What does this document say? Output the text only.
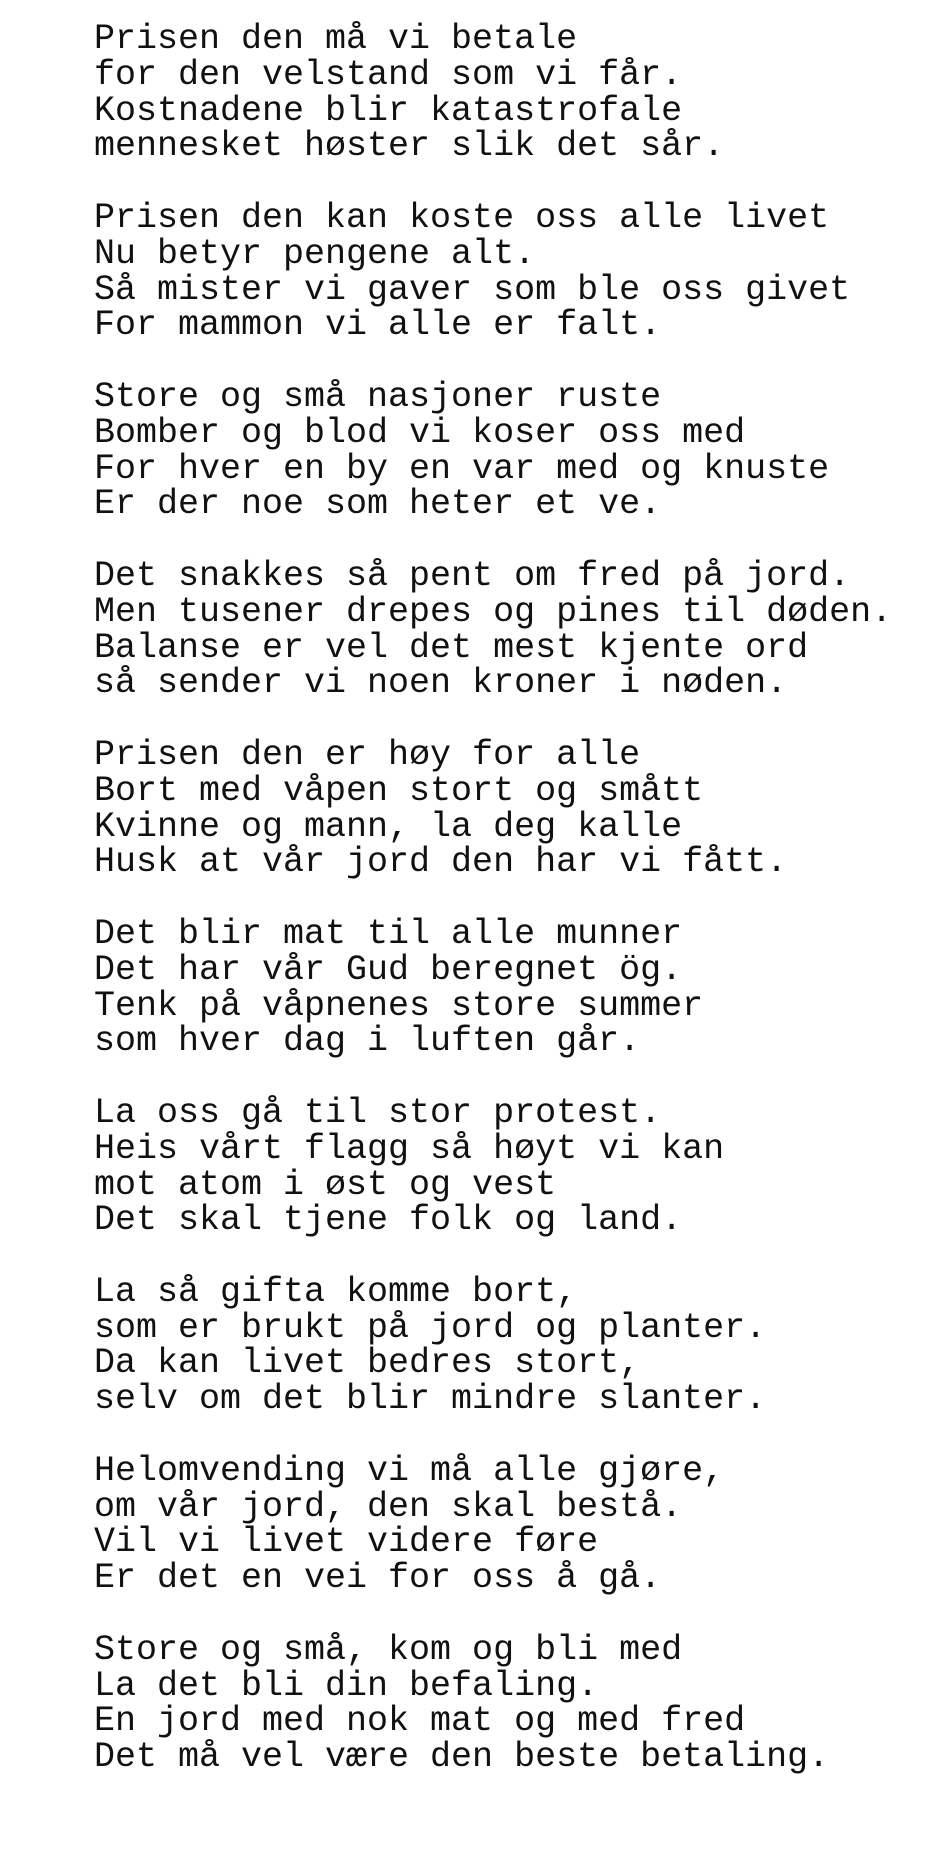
Prisen den må vi betale
for den velstand som vi får.
Kostnadene blir katastrofale
mennesket høster slik det sår.
Prisen den kan koste oss alle livet
Nu betyr pengene alt.
Så mister vi gaver som ble oss givet
For mammon vi alle er falt.
Store og små nasjoner ruste
Bomber og blod vi koser oss med
For hver en by en var med og knuste
Er der noe som heter et ve.
Det snakkes så pent om fred på jord.
Men tusener drepes og pines til døden.
Balanse er vel det mest kjente ord
så sender vi noen kroner i nøden.
Prisen den er høy for alle
Bort med våpen stort og smått
Kvinne og mann, la deg kalle
Husk at vår jord den har vi fått.
Det blir mat til alle munner
Det har vår Gud beregnet ög.
Tenk på våpnenes store summer
som hver dag i luften går.
La oss gå til stor protest.
Heis vårt flagg så høyt vi kan
mot atom i øst og vest
Det skal tjene folk og land.
La så gifta komme bort,
som er brukt på jord og planter.
Da kan livet bedres stort,
selv om det blir mindre slanter.
Helomvending vi må alle gjøre,
om vår jord, den skal bestå.
Vil vi livet videre føre
Er det en vei for oss å gå.
Store og små, kom og bli med
La det bli din befaling.
En jord med nok mat og med fred
Det må vel være den beste betaling.
